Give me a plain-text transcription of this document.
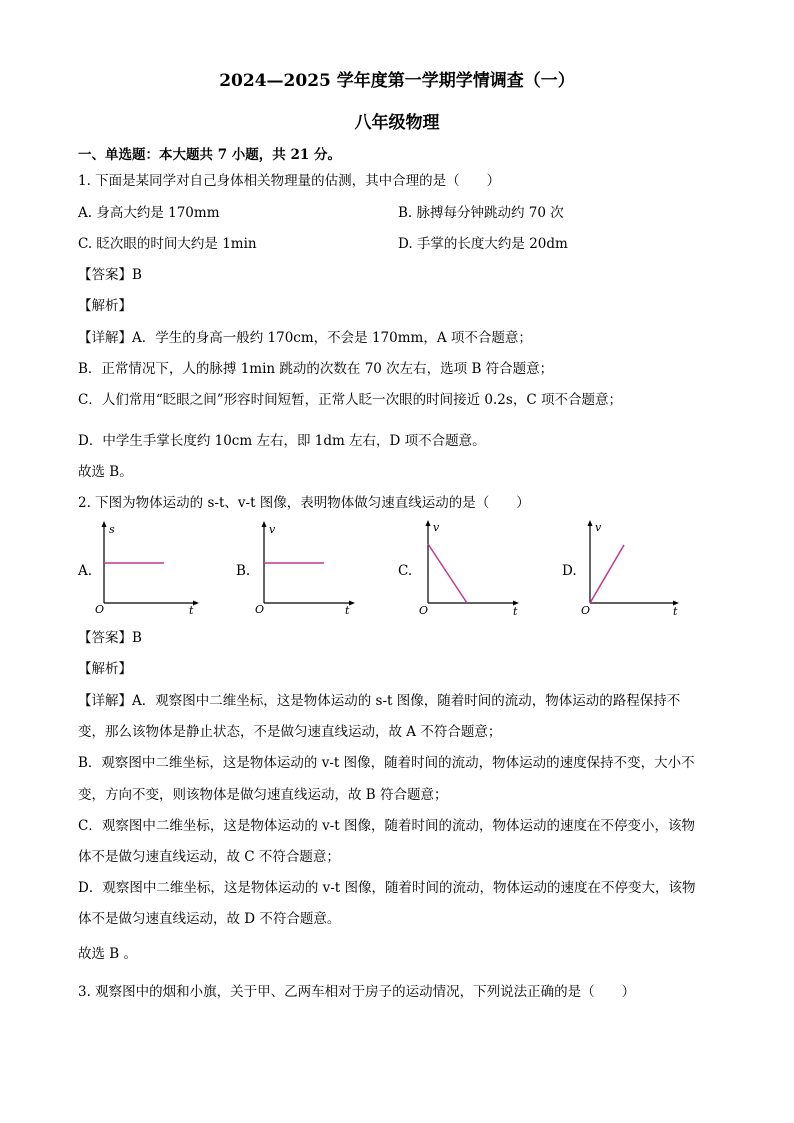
2024—2025 学年度第一学期学情调查（一）
八年级物理
一、单选题：本大题共 7 小题，共 21 分。
1. 下面是某同学对自己身体相关物理量的估测，其中合理的是（　　）
A. 身高大约是 170mm	B. 脉搏每分钟跳动约 70 次
C. 眨次眼的时间大约是 1min	D. 手掌的长度大约是 20dm
【答案】B
【解析】
【详解】A．学生的身高一般约 170cm，不会是 170mm，A 项不合题意；
B．正常情况下，人的脉搏 1min 跳动的次数在 70 次左右，选项 B 符合题意；
C．人们常用“眨眼之间”形容时间短暂，正常人眨一次眼的时间接近 0.2s，C 项不合题意；
D．中学生手掌长度约 10cm 左右，即 1dm 左右，D 项不合题意。
故选 B。
2. 下图为物体运动的 s-t、v-t 图像，表明物体做匀速直线运动的是（　　）
A.
s
t
O
B.
v
t
O
C.
v
t
O
D.
v
t
O
【答案】B
【解析】
【详解】A．观察图中二维坐标，这是物体运动的 s-t 图像，随着时间的流动，物体运动的路程保持不
变，那么该物体是静止状态，不是做匀速直线运动，故 A 不符合题意；
B．观察图中二维坐标，这是物体运动的 v-t 图像，随着时间的流动，物体运动的速度保持不变，大小不
变，方向不变，则该物体是做匀速直线运动，故 B 符合题意；
C．观察图中二维坐标，这是物体运动的 v-t 图像，随着时间的流动，物体运动的速度在不停变小，该物
体不是做匀速直线运动，故 C 不符合题意；
D．观察图中二维坐标，这是物体运动的 v-t 图像，随着时间的流动，物体运动的速度在不停变大，该物
体不是做匀速直线运动，故 D 不符合题意。
故选 B 。
3. 观察图中的烟和小旗，关于甲、乙两车相对于房子的运动情况，下列说法正确的是（　　）
